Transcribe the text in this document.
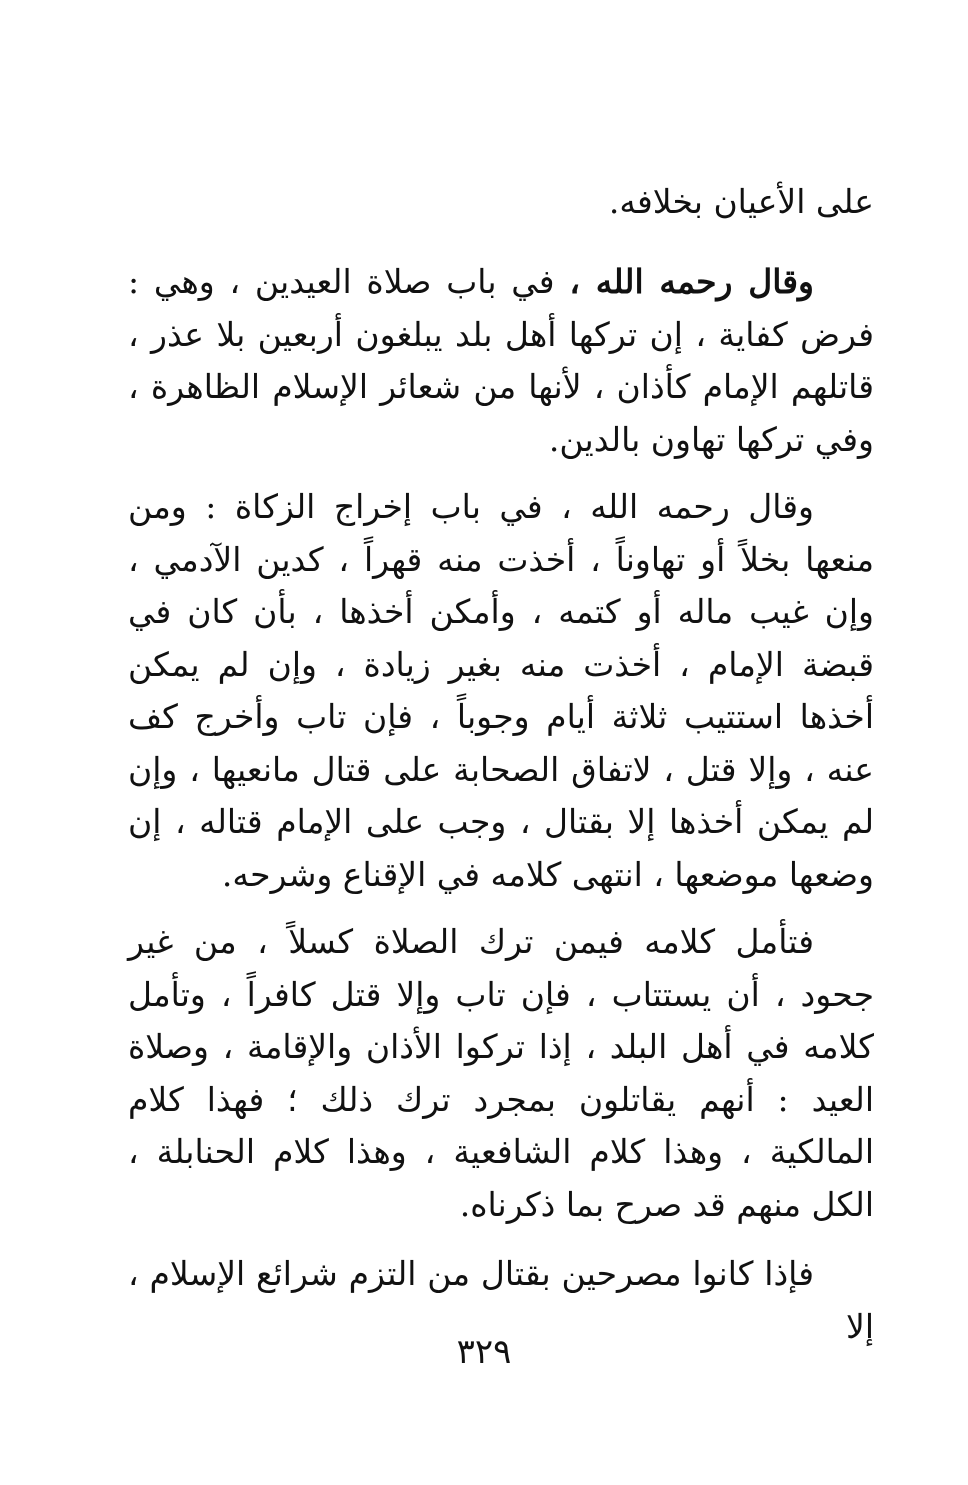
على الأعيان بخلافه.

وقال رحمه الله ، في باب صلاة العيدين ، وهي : فرض كفاية ، إن تركها أهل بلد يبلغون أربعين بلا عذر ، قاتلهم الإمام كأذان ، لأنها من شعائر الإسلام الظاهرة ، وفي تركها تهاون بالدين.

وقال رحمه الله ، في باب إخراج الزكاة : ومن منعها بخلاً أو تهاوناً ، أخذت منه قهراً ، كدين الآدمي ، وإن غيب ماله أو كتمه ، وأمكن أخذها ، بأن كان في قبضة الإمام ، أخذت منه بغير زيادة ، وإن لم يمكن أخذها استتيب ثلاثة أيام وجوباً ، فإن تاب وأخرج كف عنه ، وإلا قتل ، لاتفاق الصحابة على قتال مانعيها ، وإن لم يمكن أخذها إلا بقتال ، وجب على الإمام قتاله ، إن وضعها موضعها ، انتهى كلامه في الإقناع وشرحه.

فتأمل كلامه فيمن ترك الصلاة كسلاً ، من غير جحود ، أن يستتاب ، فإن تاب وإلا قتل كافراً ، وتأمل كلامه في أهل البلد ، إذا تركوا الأذان والإقامة ، وصلاة العيد : أنهم يقاتلون بمجرد ترك ذلك ؛ فهذا كلام المالكية ، وهذا كلام الشافعية ، وهذا كلام الحنابلة ، الكل منهم قد صرح بما ذكرناه.

فإذا كانوا مصرحين بقتال من التزم شرائع الإسلام ، إلا

٣٢٩
